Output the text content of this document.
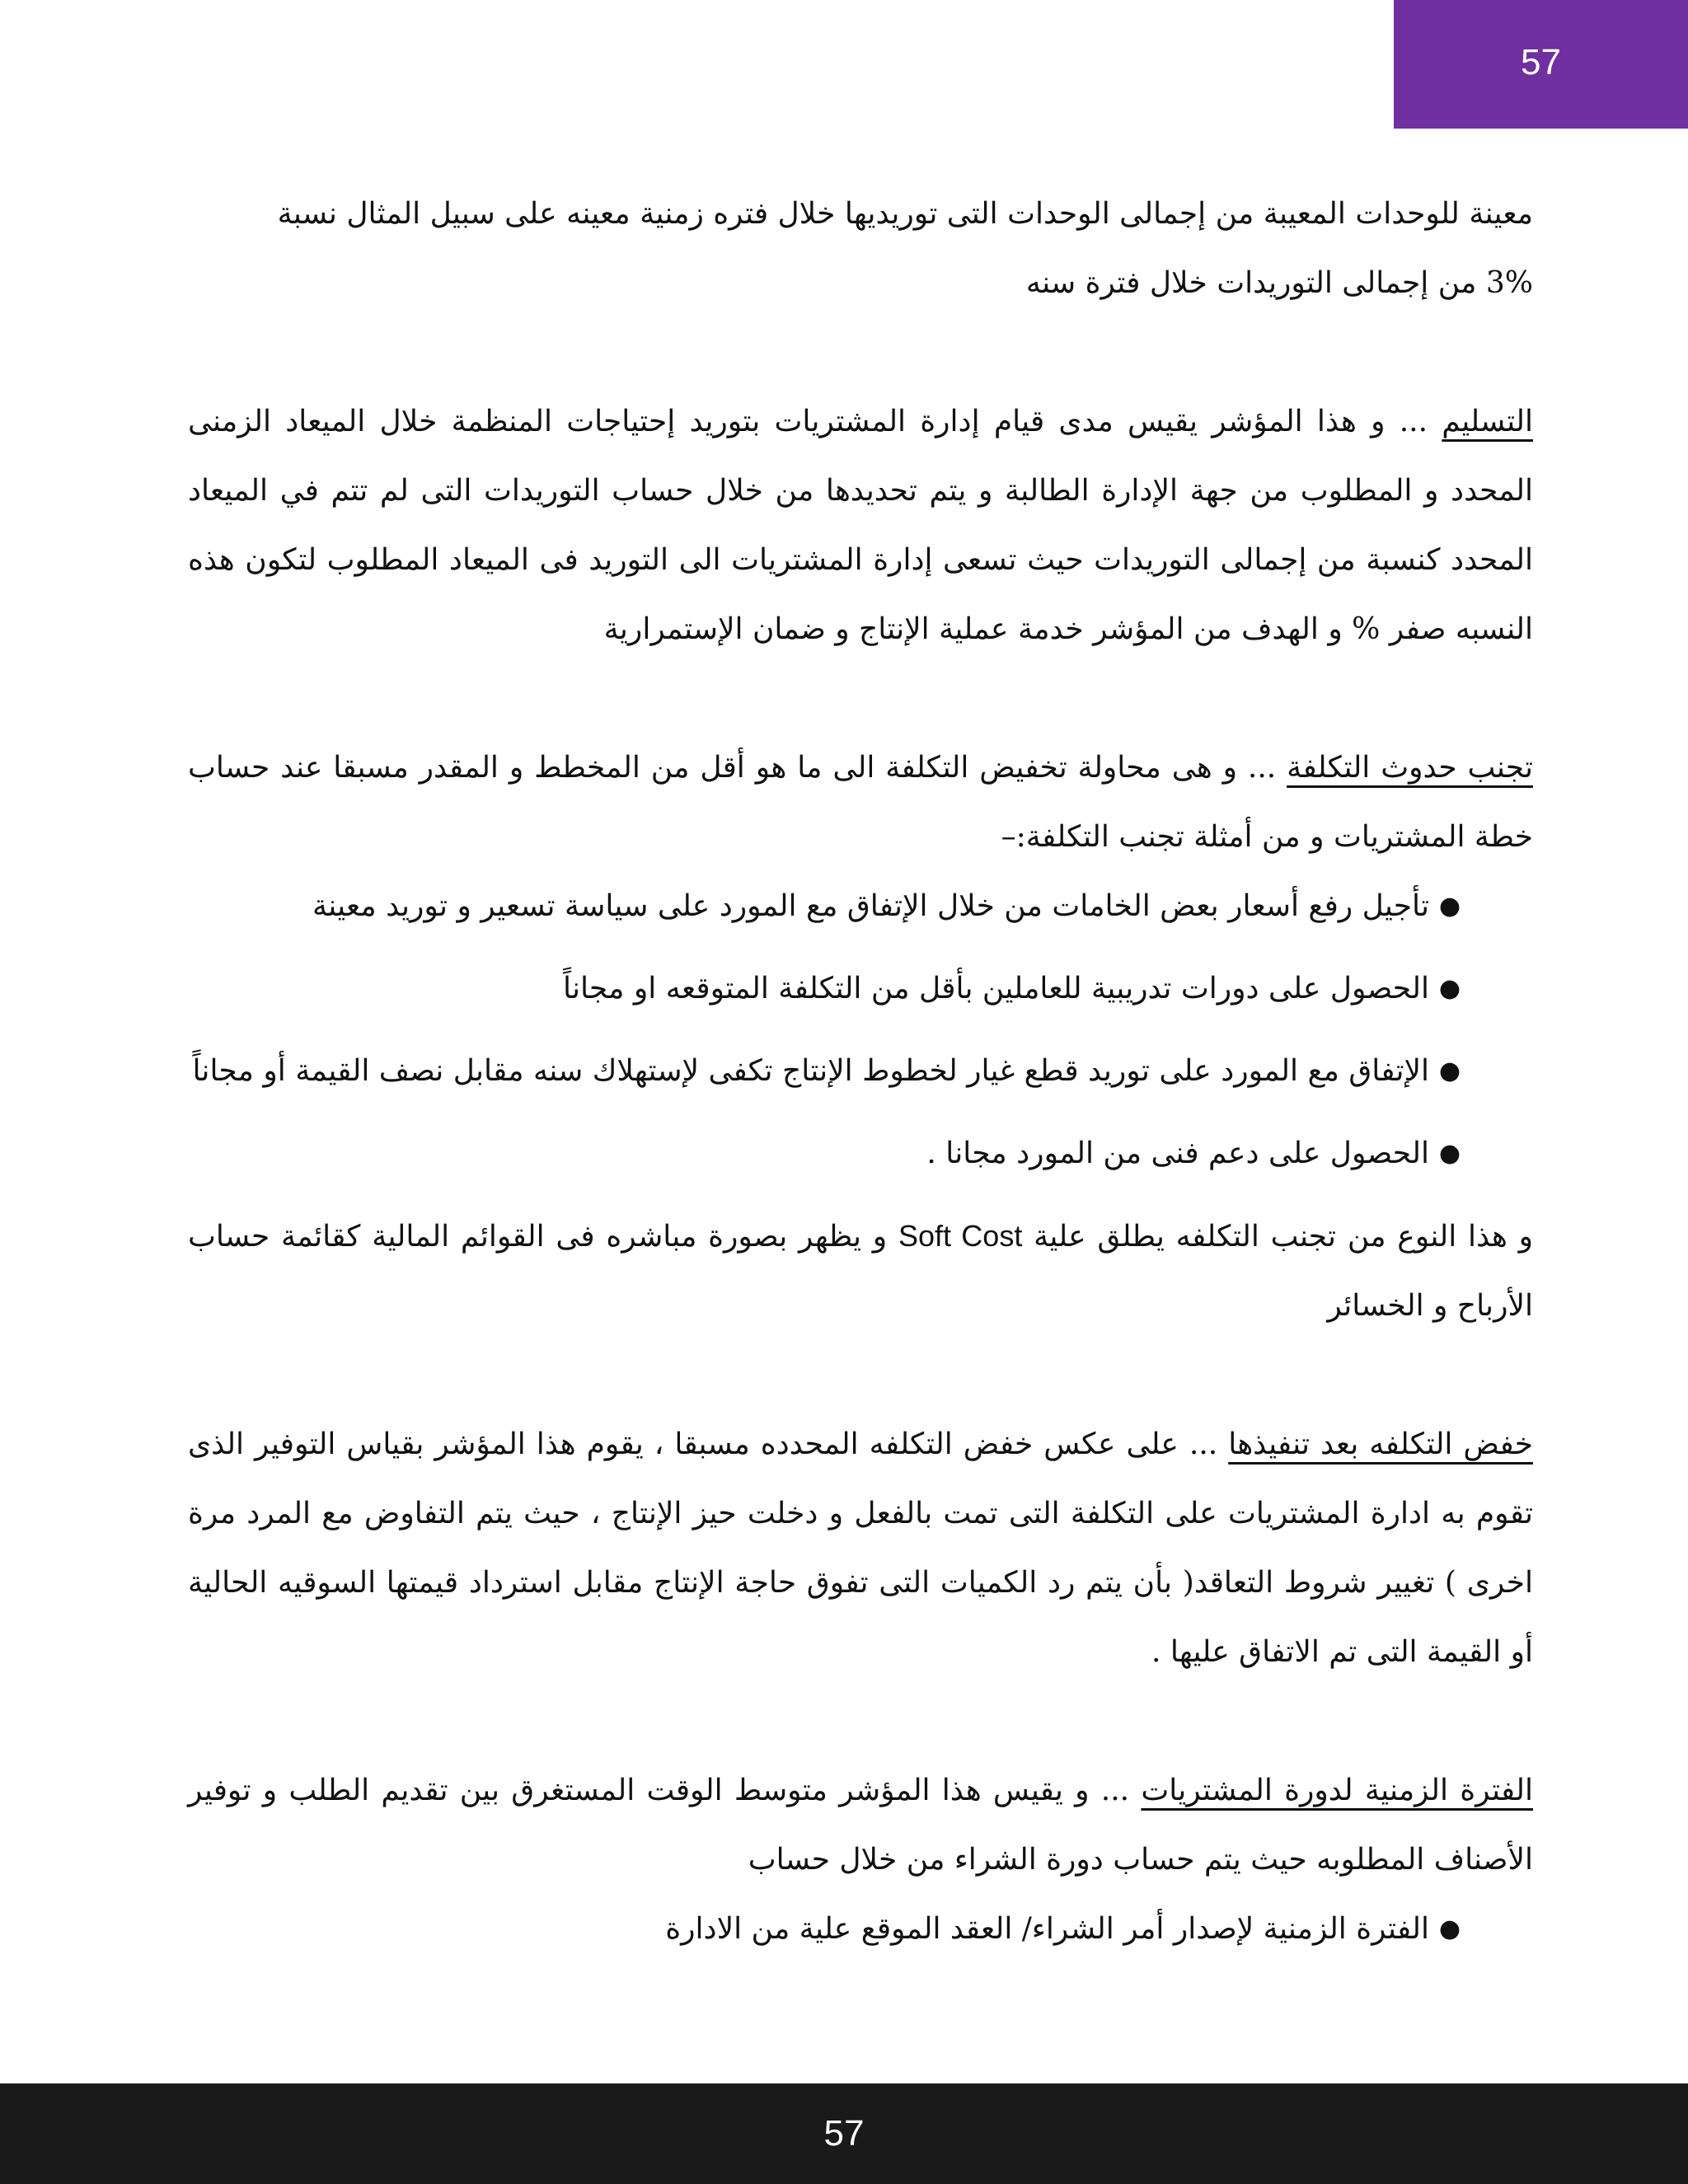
57

معينة للوحدات المعيبة من إجمالى الوحدات التى توريديها خلال فتره زمنية معينه على سبيل المثال نسبة
3% من إجمالى التوريدات خلال فترة سنه

التسليم ... و هذا المؤشر يقيس مدى قيام إدارة المشتريات بتوريد إحتياجات المنظمة خلال الميعاد الزمنى المحدد و المطلوب من جهة الإدارة الطالبة و يتم تحديدها من خلال حساب التوريدات التى لم تتم في الميعاد المحدد كنسبة من إجمالى التوريدات حيث تسعى إدارة المشتريات الى التوريد فى الميعاد المطلوب لتكون هذه النسبه صفر % و الهدف من المؤشر خدمة عملية الإنتاج و ضمان الإستمرارية

تجنب حدوث التكلفة ... و هى محاولة تخفيض التكلفة الى ما هو أقل من المخطط و المقدر مسبقا عند حساب خطة المشتريات و من أمثلة تجنب التكلفة:–

●
تأجيل رفع أسعار بعض الخامات من خلال الإتفاق مع المورد على سياسة تسعير و توريد معينة
●
الحصول على دورات تدريبية للعاملين بأقل من التكلفة المتوقعه او مجاناً
●
الإتفاق مع المورد على توريد قطع غيار لخطوط الإنتاج تكفى لإستهلاك سنه مقابل نصف القيمة أو مجاناً
●
الحصول على دعم فنى من المورد مجانا .

و هذا النوع من تجنب التكلفه يطلق علية Soft Cost و يظهر بصورة مباشره فى القوائم المالية كقائمة حساب الأرباح و الخسائر

خفض التكلفه بعد تنفيذها ... على عكس خفض التكلفه المحدده مسبقا ، يقوم هذا المؤشر بقياس التوفير الذى تقوم به ادارة المشتريات على التكلفة التى تمت بالفعل و دخلت حيز الإنتاج ، حيث يتم التفاوض مع المرد مرة اخرى ) تغيير شروط التعاقد( بأن يتم رد الكميات التى تفوق حاجة الإنتاج مقابل استرداد قيمتها السوقيه الحالية أو القيمة التى تم الاتفاق عليها .

الفترة الزمنية لدورة المشتريات ... و يقيس هذا المؤشر متوسط الوقت المستغرق بين تقديم الطلب و توفير الأصناف المطلوبه حيث يتم حساب دورة الشراء من خلال حساب

●
الفترة الزمنية لإصدار أمر الشراء/ العقد الموقع علية من الادارة
57
